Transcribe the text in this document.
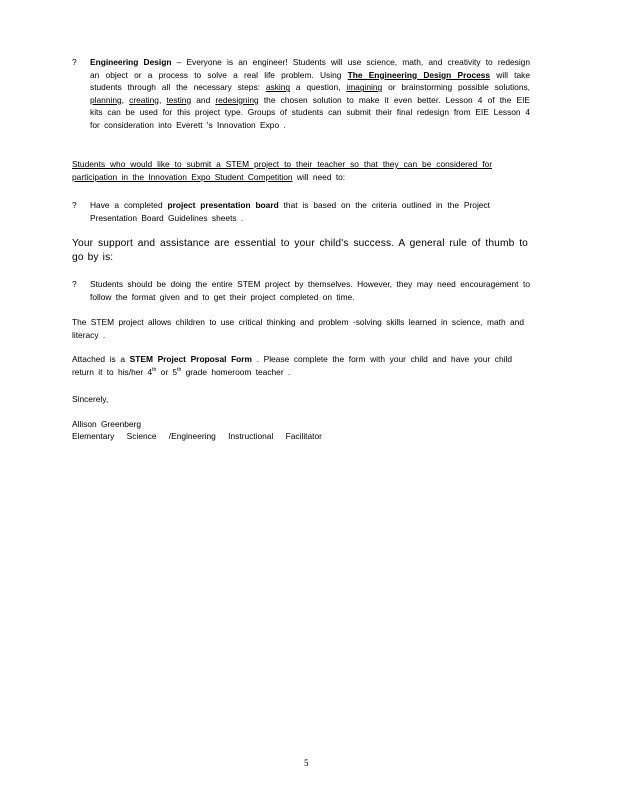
? Engineering Design – Everyone is an engineer! Students will use science, math, and creativity to redesign an object or a process to solve a real life problem. Using The Engineering Design Process will take students through all the necessary steps: asking a question, imagining or brainstorming possible solutions, planning, creating, testing and redesigning the chosen solution to make it even better. Lesson 4 of the EIE kits can be used for this project type. Groups of students can submit their final redesign from EIE Lesson 4 for consideration into Everett 's Innovation Expo .
Students who would like to submit a STEM project to their teacher so that they can be considered for participation in the Innovation Expo Student Competition will need to:
? Have a completed project presentation board that is based on the criteria outlined in the Project Presentation Board Guidelines sheets .
Your support and assistance are essential to your child's success. A general rule of thumb to go by is:
? Students should be doing the entire STEM project by themselves. However, they may need encouragement to follow the format given and to get their project completed on time.
The STEM project allows children to use critical thinking and problem -solving skills learned in science, math and literacy .
Attached is a STEM Project Proposal Form . Please complete the form with your child and have your child return it to his/her 4th or 5th grade homeroom teacher .
Sincerely,
Allison Greenberg
Elementary Science /Engineering Instructional Facilitator
5
